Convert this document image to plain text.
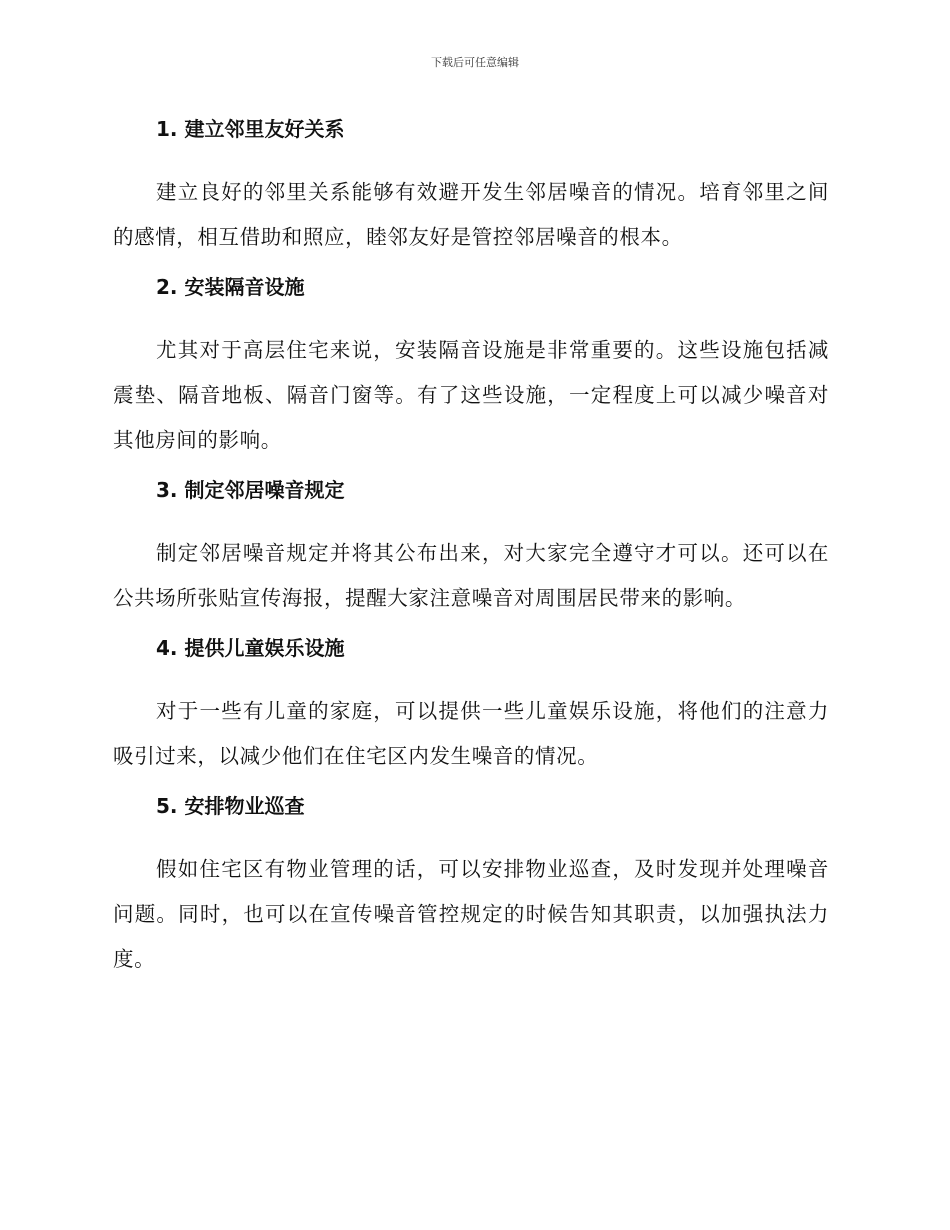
下载后可任意编辑
1. 建立邻里友好关系

建立良好的邻里关系能够有效避开发生邻居噪音的情况。培育邻里之间的感情，相互借助和照应，睦邻友好是管控邻居噪音的根本。

2. 安装隔音设施

尤其对于高层住宅来说，安装隔音设施是非常重要的。这些设施包括减震垫、隔音地板、隔音门窗等。有了这些设施，一定程度上可以减少噪音对其他房间的影响。

3. 制定邻居噪音规定

制定邻居噪音规定并将其公布出来，对大家完全遵守才可以。还可以在公共场所张贴宣传海报，提醒大家注意噪音对周围居民带来的影响。

4. 提供儿童娱乐设施

对于一些有儿童的家庭，可以提供一些儿童娱乐设施，将他们的注意力吸引过来，以减少他们在住宅区内发生噪音的情况。

5. 安排物业巡查

假如住宅区有物业管理的话，可以安排物业巡查，及时发现并处理噪音问题。同时，也可以在宣传噪音管控规定的时候告知其职责，以加强执法力度。
